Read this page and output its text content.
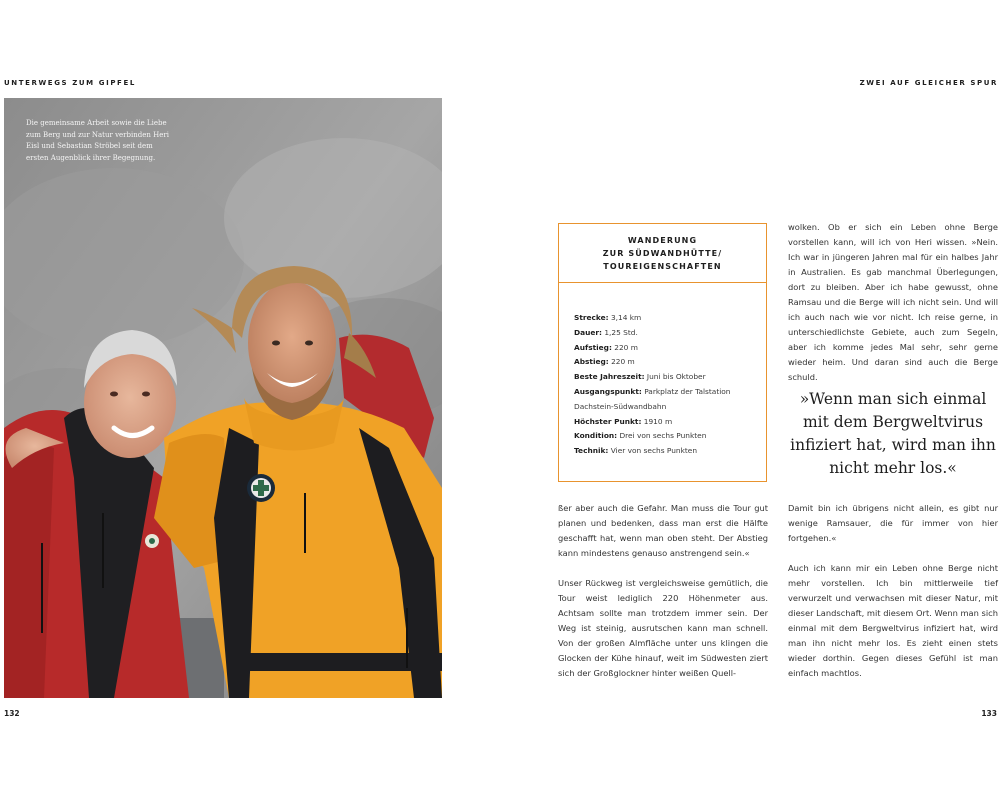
UNTERWEGS ZUM GIPFEL	ZWEI AUF GLEICHER SPUR

Die gemeinsame Arbeit sowie die Liebe zum Berg und zur Natur verbinden Heri Eisl und Sebastian Ströbel seit dem ersten Augenblick ihrer Begegnung.

132	133
WANDERUNG
ZUR SÜDWANDHÜTTE/
TOUREIGENSCHAFTEN
Strecke: 3,14 km
Dauer: 1,25 Std.
Aufstieg: 220 m
Abstieg: 220 m
Beste Jahreszeit: Juni bis Oktober
Ausgangspunkt: Parkplatz der Talstation
Dachstein-Südwandbahn
Höchster Punkt: 1910 m
Kondition: Drei von sechs Punkten
Technik: Vier von sechs Punkten

ßer aber auch die Gefahr. Man muss die Tour gut planen und bedenken, dass man erst die Hälfte geschafft hat, wenn man oben steht. Der Abstieg kann mindestens genauso anstrengend sein.«

Unser Rückweg ist vergleichsweise gemütlich, die Tour weist lediglich 220 Höhenmeter aus. Achtsam sollte man trotzdem immer sein. Der Weg ist steinig, ausrutschen kann man schnell. Von der großen Almfläche unter uns klingen die Glocken der Kühe hinauf, weit im Südwesten ziert sich der Großglockner hinter weißen Quell-

wolken. Ob er sich ein Leben ohne Berge vorstellen kann, will ich von Heri wissen. »Nein. Ich war in jüngeren Jahren mal für ein halbes Jahr in Australien. Es gab manchmal Überlegungen, dort zu bleiben. Aber ich habe gewusst, ohne Ramsau und die Berge will ich nicht sein. Und will ich auch nach wie vor nicht. Ich reise gerne, in unterschiedlichste Gebiete, auch zum Segeln, aber ich komme jedes Mal sehr, sehr gerne wieder heim. Und daran sind auch die Berge schuld.

»Wenn man sich einmal mit dem Bergweltvirus infiziert hat, wird man ihn nicht mehr los.«

Damit bin ich übrigens nicht allein, es gibt nur wenige Ramsauer, die für immer von hier fortgehen.«

Auch ich kann mir ein Leben ohne Berge nicht mehr vorstellen. Ich bin mittlerweile tief verwurzelt und verwachsen mit dieser Natur, mit dieser Landschaft, mit diesem Ort. Wenn man sich einmal mit dem Bergweltvirus infiziert hat, wird man ihn nicht mehr los. Es zieht einen stets wieder dorthin. Gegen dieses Gefühl ist man einfach machtlos.
